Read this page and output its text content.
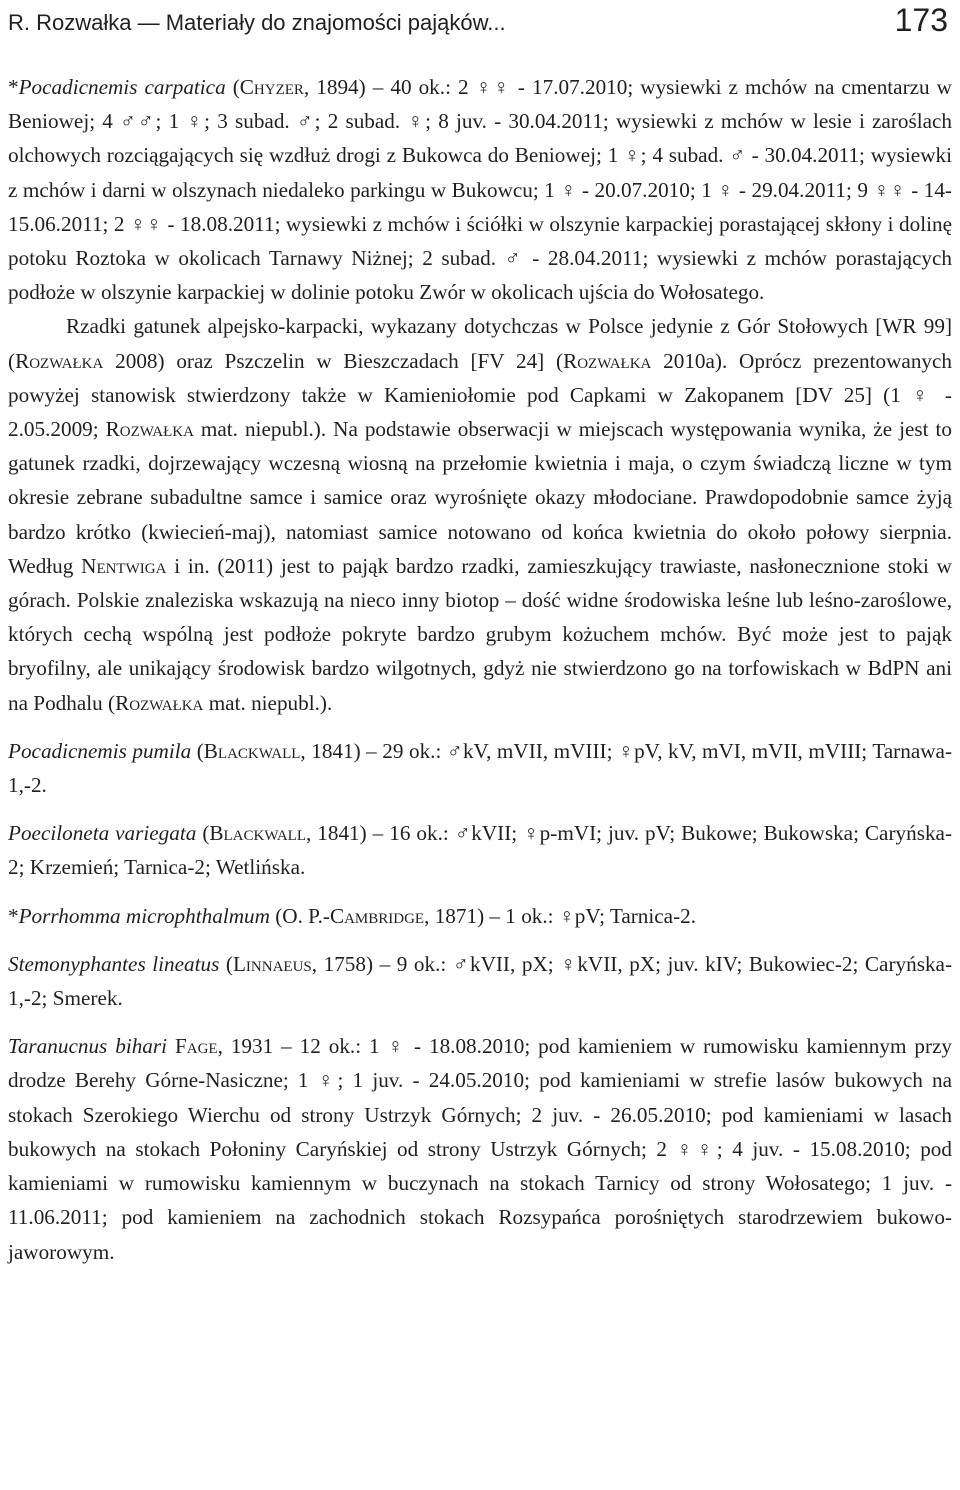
R. Rozwałka — Materiały do znajomości pająków...	173

*Pocadicnemis carpatica (Chyzer, 1894) – 40 ok.: 2 ♀♀ - 17.07.2010; wysiewki z mchów na cmentarzu w Beniowej; 4 ♂♂; 1 ♀; 3 subad. ♂; 2 subad. ♀; 8 juv. - 30.04.2011; wysiewki z mchów w lesie i zaroślach olchowych rozciągających się wzdłuż drogi z Bukowca do Beniowej; 1 ♀; 4 subad. ♂ - 30.04.2011; wysiewki z mchów i darni w olszynach niedaleko parkingu w Bukowcu; 1 ♀ - 20.07.2010; 1 ♀ - 29.04.2011; 9 ♀♀ - 14-15.06.2011; 2 ♀♀ - 18.08.2011; wysiewki z mchów i ściółki w olszynie karpackiej porastającej skłony i dolinę potoku Roztoka w okolicach Tarnawy Niżnej; 2 subad. ♂ - 28.04.2011; wysiewki z mchów porastających podłoże w olszynie karpackiej w dolinie potoku Zwór w okolicach ujścia do Wołosatego.

Rzadki gatunek alpejsko-karpacki, wykazany dotychczas w Polsce jedynie z Gór Stołowych [WR 99] (Rozwałka 2008) oraz Pszczelin w Bieszczadach [FV 24] (Rozwałka 2010a). Oprócz prezentowanych powyżej stanowisk stwierdzony także w Kamieniołomie pod Capkami w Zakopanem [DV 25] (1 ♀ - 2.05.2009; Rozwałka mat. niepubl.). Na podstawie obserwacji w miejscach występowania wynika, że jest to gatunek rzadki, dojrzewający wczesną wiosną na przełomie kwietnia i maja, o czym świadczą liczne w tym okresie zebrane subadultne samce i samice oraz wyrośnięte okazy młodociane. Prawdopodobnie samce żyją bardzo krótko (kwiecień-maj), natomiast samice notowano od końca kwietnia do około połowy sierpnia. Według Nentwiga i in. (2011) jest to pająk bardzo rzadki, zamieszkujący trawiaste, nasłonecznione stoki w górach. Polskie znaleziska wskazują na nieco inny biotop – dość widne środowiska leśne lub leśno-zaroślowe, których cechą wspólną jest podłoże pokryte bardzo grubym kożuchem mchów. Być może jest to pająk bryofilny, ale unikający środowisk bardzo wilgotnych, gdyż nie stwierdzono go na torfowiskach w BdPN ani na Podhalu (Rozwałka mat. niepubl.).

Pocadicnemis pumila (Blackwall, 1841) – 29 ok.: ♂kV, mVII, mVIII; ♀pV, kV, mVI, mVII, mVIII; Tarnawa-1,-2.

Poeciloneta variegata (Blackwall, 1841) – 16 ok.: ♂kVII; ♀p-mVI; juv. pV; Bukowe; Bukowska; Caryńska-2; Krzemień; Tarnica-2; Wetlińska.

*Porrhomma microphthalmum (O. P.-Cambridge, 1871) – 1 ok.: ♀pV; Tarnica-2.

Stemonyphantes lineatus (Linnaeus, 1758) – 9 ok.: ♂kVII, pX; ♀kVII, pX; juv. kIV; Bukowiec-2; Caryńska-1,-2; Smerek.

Taranucnus bihari Fage, 1931 – 12 ok.: 1 ♀ - 18.08.2010; pod kamieniem w rumowisku kamiennym przy drodze Berehy Górne-Nasiczne; 1 ♀; 1 juv. - 24.05.2010; pod kamieniami w strefie lasów bukowych na stokach Szerokiego Wierchu od strony Ustrzyk Górnych; 2 juv. - 26.05.2010; pod kamieniami w lasach bukowych na stokach Połoniny Caryńskiej od strony Ustrzyk Górnych; 2 ♀♀; 4 juv. - 15.08.2010; pod kamieniami w rumowisku kamiennym w buczynach na stokach Tarnicy od strony Wołosatego; 1 juv. - 11.06.2011; pod kamieniem na zachodnich stokach Rozsypańca porośniętych starodrzewiem bukowo-jaworowym.
